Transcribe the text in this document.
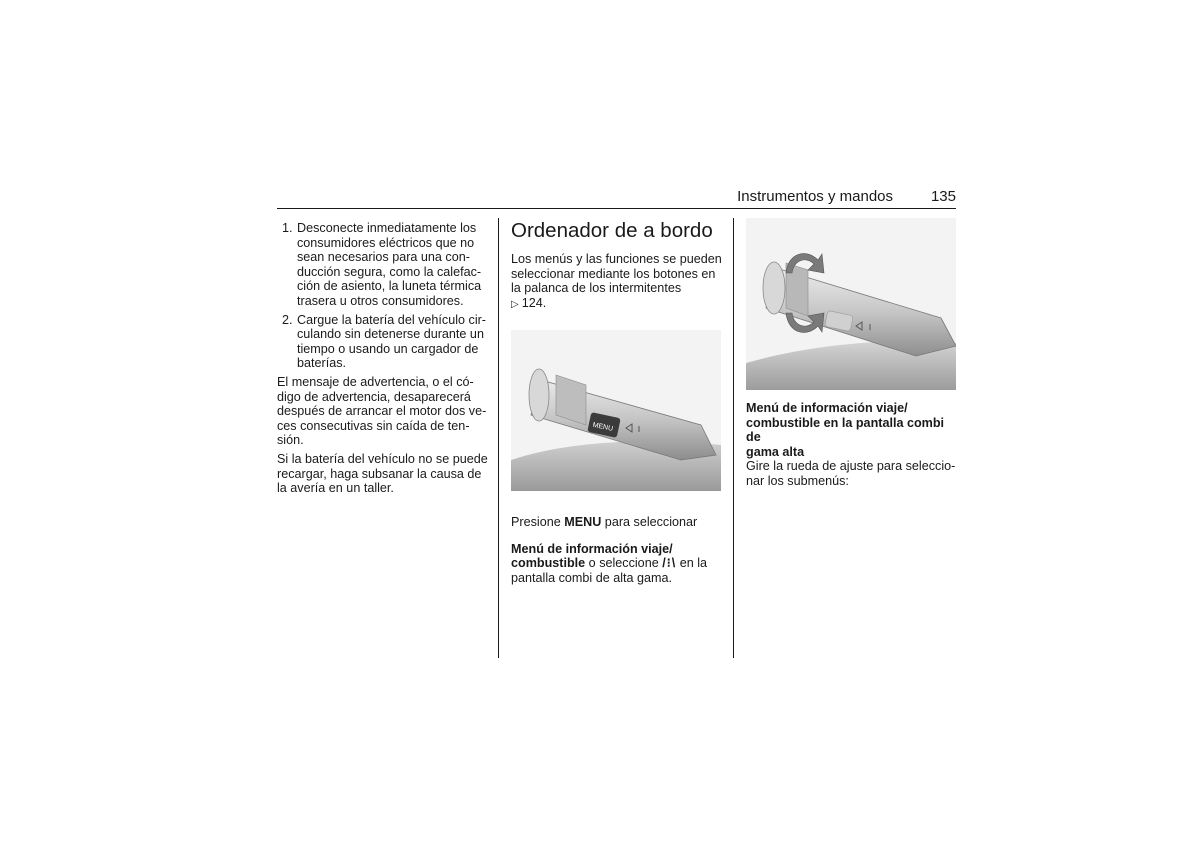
Instrumentos y mandos	135
1. Desconecte inmediatamente los

consumidores eléctricos que no

sean necesarios para una con-

ducción segura, como la calefac-

ción de asiento, la luneta térmica

trasera u otros consumidores.

2. Cargue la batería del vehículo cir-

culando sin detenerse durante un

tiempo o usando un cargador de

baterías.

El mensaje de advertencia, o el có-

digo de advertencia, desaparecerá

después de arrancar el motor dos ve-

ces consecutivas sin caída de ten-

sión.

Si la batería del vehículo no se puede

recargar, haga subsanar la causa de

la avería en un taller.

Ordenador de a bordo

Los menús y las funciones se pueden

seleccionar mediante los botones en

la palanca de los intermitentes

▷ 124.

MENU

Presione MENU para seleccionar

Menú de información viaje/

combustible o seleccione /⁝\ en la

pantalla combi de alta gama.

Menú de información viaje/

combustible en la pantalla combi de

gama alta

Gire la rueda de ajuste para seleccio-

nar los submenús:
